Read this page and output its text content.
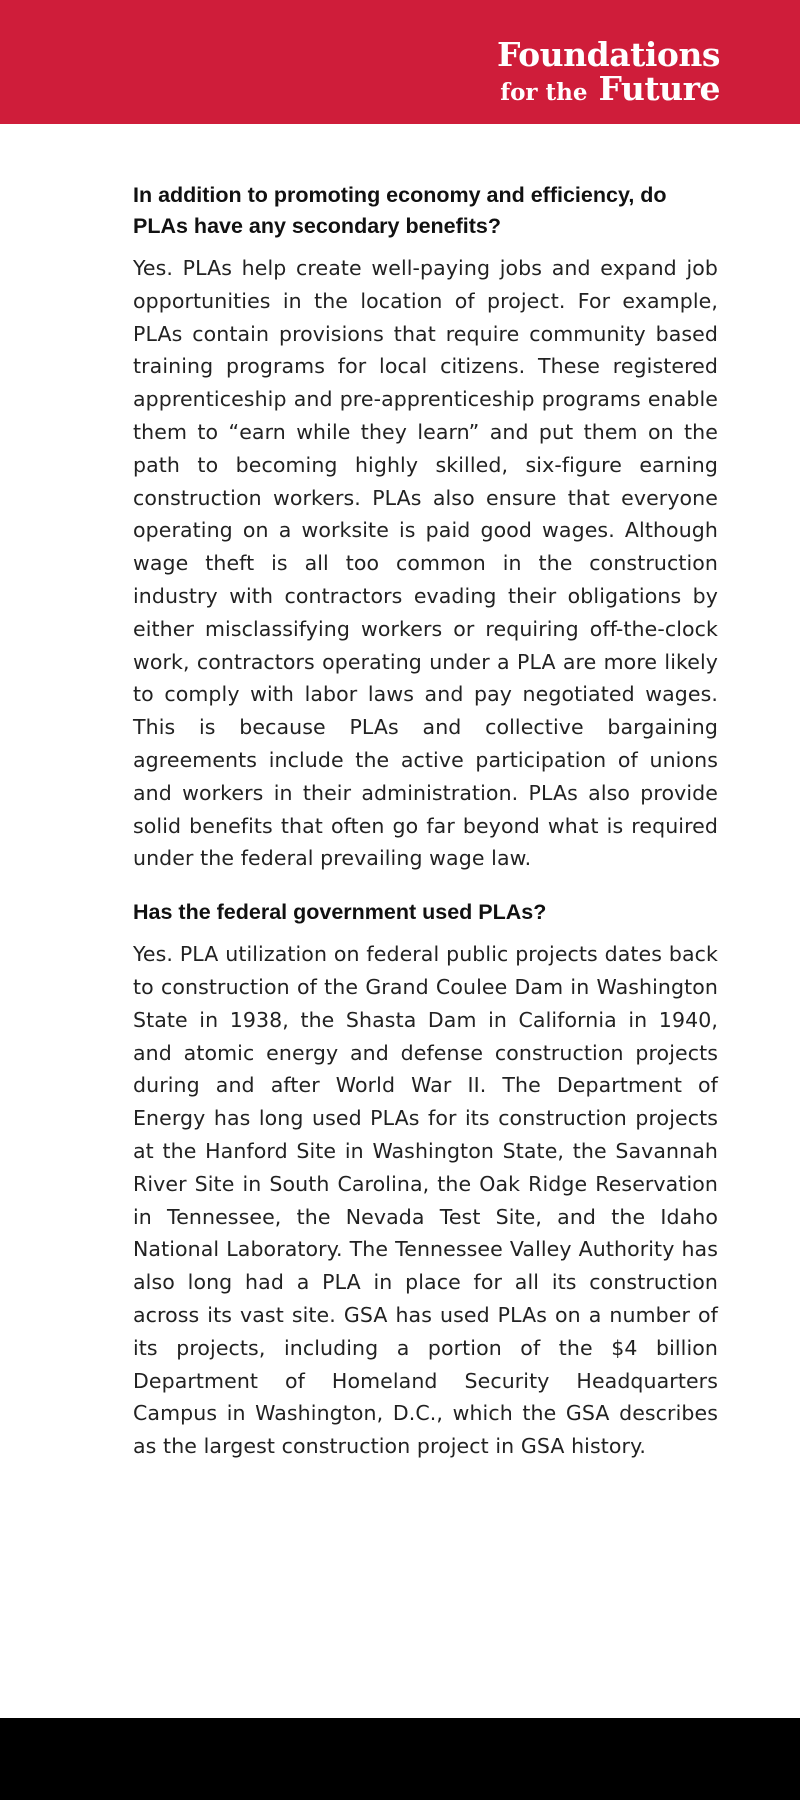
Foundations
for the Future
In addition to promoting economy and efficiency, do PLAs have any secondary benefits?

Yes. PLAs help create well-paying jobs and expand job opportunities in the location of project. For example, PLAs contain provisions that require community based training programs for local citizens. These registered apprenticeship and pre-apprenticeship programs enable them to “earn while they learn” and put them on the path to becoming highly skilled, six-figure earning construction workers. PLAs also ensure that everyone operating on a worksite is paid good wages. Although wage theft is all too common in the construction industry with contractors evading their obligations by either misclassifying workers or requiring off-the-clock work, contractors operating under a PLA are more likely to comply with labor laws and pay negotiated wages. This is because PLAs and collective bargaining agreements include the active participation of unions and workers in their administration. PLAs also provide solid benefits that often go far beyond what is required under the federal prevailing wage law.

Has the federal government used PLAs?

Yes. PLA utilization on federal public projects dates back to construction of the Grand Coulee Dam in Washington State in 1938, the Shasta Dam in California in 1940, and atomic energy and defense construction projects during and after World War II. The Department of Energy has long used PLAs for its construction projects at the Hanford Site in Washington State, the Savannah River Site in South Carolina, the Oak Ridge Reservation in Tennessee, the Nevada Test Site, and the Idaho National Laboratory. The Tennessee Valley Authority has also long had a PLA in place for all its construction across its vast site. GSA has used PLAs on a number of its projects, including a portion of the $4 billion Department of Homeland Security Headquarters Campus in Washington, D.C., which the GSA describes as the largest construction project in GSA history.
